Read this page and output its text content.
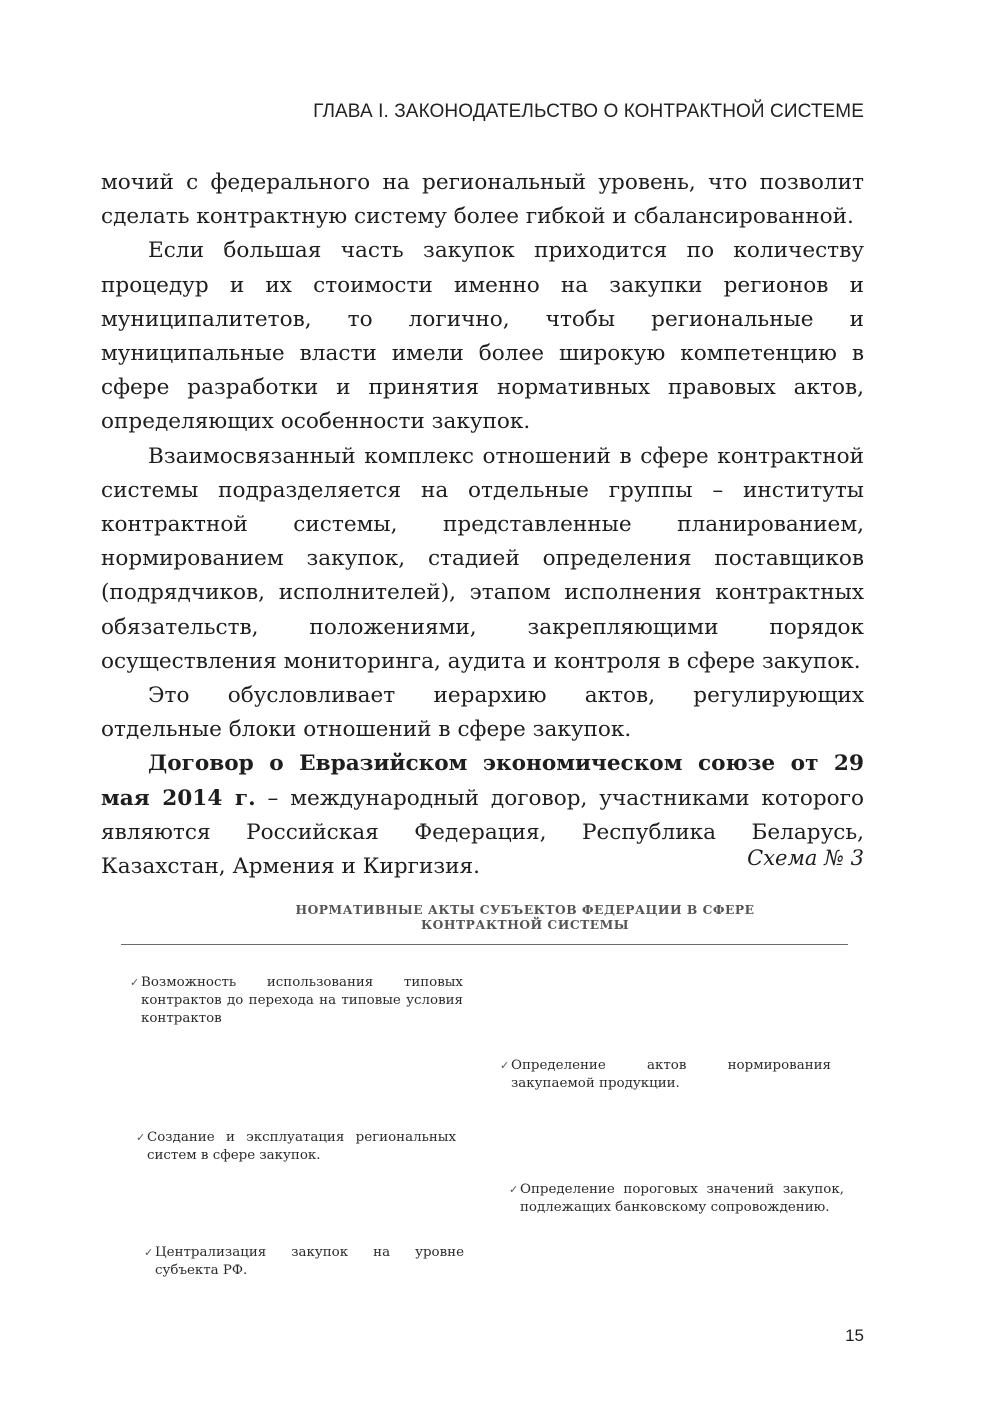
ГЛАВА I. ЗАКОНОДАТЕЛЬСТВО О КОНТРАКТНОЙ СИСТЕМЕ

мочий с федерального на региональный уровень, что позволит сделать контрактную систему более гибкой и сбалансированной.

Если большая часть закупок приходится по количеству процедур и их стоимости именно на закупки регионов и муниципалитетов, то логично, чтобы региональные и муниципальные власти имели более широкую компетенцию в сфере разработки и принятия нормативных правовых актов, определяющих особенности закупок.

Взаимосвязанный комплекс отношений в сфере контрактной системы подразделяется на отдельные группы – институты контрактной системы, представленные планированием, нормированием закупок, стадией определения поставщиков (подрядчиков, исполнителей), этапом исполнения контрактных обязательств, положениями, закрепляющими порядок осуществления мониторинга, аудита и контроля в сфере закупок.

Это обусловливает иерархию актов, регулирующих отдельные блоки отношений в сфере закупок.

Договор о Евразийском экономическом союзе от 29 мая 2014 г. – международный договор, участниками которого являются Российская Федерация, Республика Беларусь, Казахстан, Армения и Киргизия.	Схема № 3
НОРМАТИВНЫЕ АКТЫ СУБЪЕКТОВ ФЕДЕРАЦИИ В СФЕРЕ
КОНТРАКТНОЙ СИСТЕМЫ
✓ Возможность использования типовых контрактов до перехода на типовые условия контрактов
✓ Определение актов нормирования закупаемой продукции.
✓ Создание и эксплуатация региональных систем в сфере закупок.
✓ Определение пороговых значений закупок, подлежащих банковскому сопровождению.
✓ Централизация закупок на уровне субъекта РФ.
15
